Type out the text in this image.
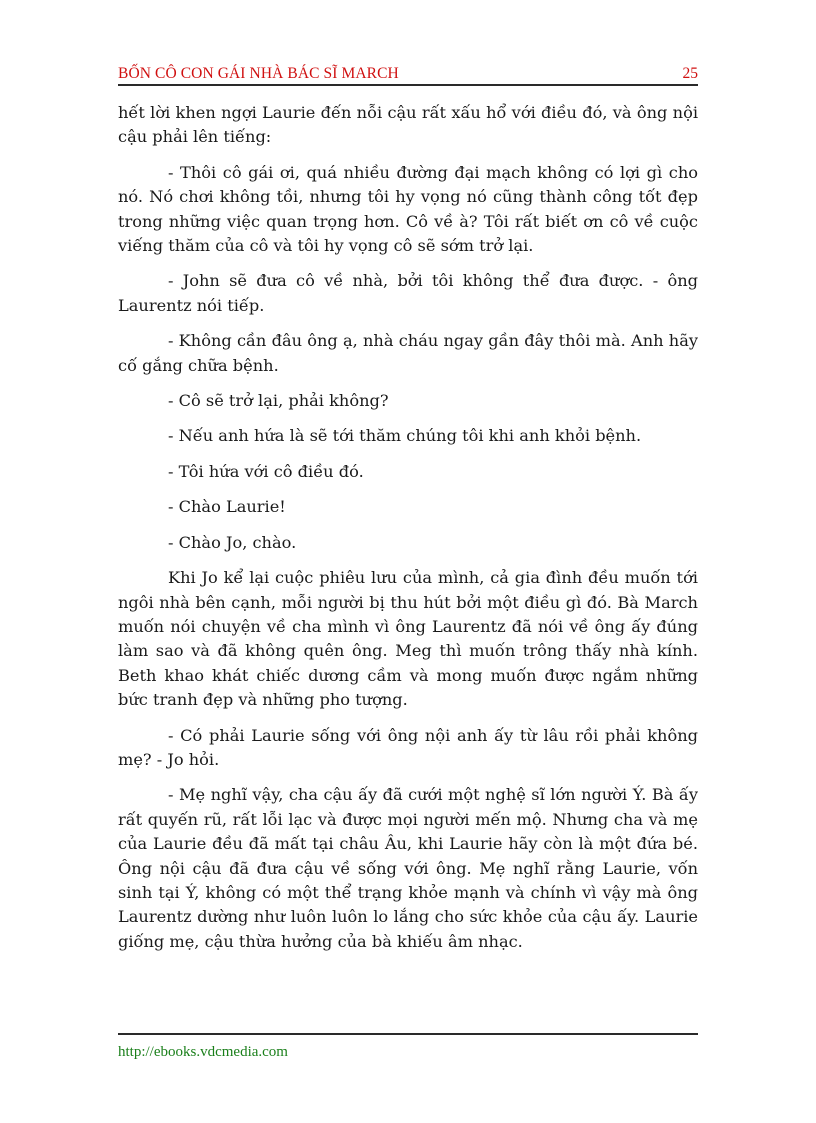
BỐN CÔ CON GÁI NHÀ BÁC SĨ MARCH	25

hết lời khen ngợi Laurie đến nỗi cậu rất xấu hổ với điều đó, và ông nội cậu phải lên tiếng:

- Thôi cô gái ơi, quá nhiều đường đại mạch không có lợi gì cho nó. Nó chơi không tồi, nhưng tôi hy vọng nó cũng thành công tốt đẹp trong những việc quan trọng hơn. Cô về à? Tôi rất biết ơn cô về cuộc viếng thăm của cô và tôi hy vọng cô sẽ sớm trở lại.

- John sẽ đưa cô về nhà, bởi tôi không thể đưa được. - ông Laurentz nói tiếp.

- Không cần đâu ông ạ, nhà cháu ngay gần đây thôi mà. Anh hãy cố gắng chữa bệnh.

- Cô sẽ trở lại, phải không?

- Nếu anh hứa là sẽ tới thăm chúng tôi khi anh khỏi bệnh.

- Tôi hứa với cô điều đó.

- Chào Laurie!

- Chào Jo, chào.

Khi Jo kể lại cuộc phiêu lưu của mình, cả gia đình đều muốn tới ngôi nhà bên cạnh, mỗi người bị thu hút bởi một điều gì đó. Bà March muốn nói chuyện về cha mình vì ông Laurentz đã nói về ông ấy đúng làm sao và đã không quên ông. Meg thì muốn trông thấy nhà kính. Beth khao khát chiếc dương cầm và mong muốn được ngắm những bức tranh đẹp và những pho tượng.

- Có phải Laurie sống với ông nội anh ấy từ lâu rồi phải không mẹ? - Jo hỏi.

- Mẹ nghĩ vậy, cha cậu ấy đã cưới một nghệ sĩ lớn người Ý. Bà ấy rất quyến rũ, rất lỗi lạc và được mọi người mến mộ. Nhưng cha và mẹ của Laurie đều đã mất tại châu Âu, khi Laurie hãy còn là một đứa bé. Ông nội cậu đã đưa cậu về sống với ông. Mẹ nghĩ rằng Laurie, vốn sinh tại Ý, không có một thể trạng khỏe mạnh và chính vì vậy mà ông Laurentz dường như luôn luôn lo lắng cho sức khỏe của cậu ấy. Laurie giống mẹ, cậu thừa hưởng của bà khiếu âm nhạc.

http://ebooks.vdcmedia.com
